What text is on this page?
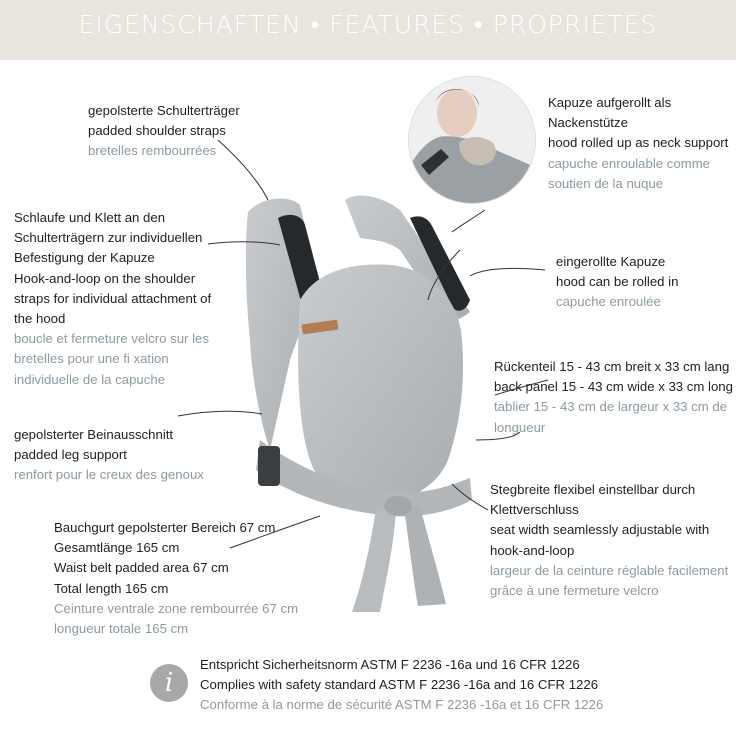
EIGENSCHAFTEN • FEATURES • PROPRIETES
gepolsterte Schulterträger
padded shoulder straps
bretelles rembourrées
Schlaufe und Klett an den
Schulterträgern zur individuellen
Befestigung der Kapuze
Hook-and-loop on the shoulder
straps for individual attachment of
the hood
boucle et fermeture velcro sur les
bretelles pour une fi xation
individuelle de la capuche
gepolsterter Beinausschnitt
padded leg support
renfort pour le creux des genoux
Bauchgurt gepolsterter Bereich 67 cm
Gesamtlänge 165 cm
Waist belt padded area 67 cm
Total length 165 cm
Ceinture ventrale zone rembourrée 67 cm
longueur totale 165 cm
Kapuze aufgerollt als
Nackenstütze
hood rolled up as neck support
capuche enroulable comme
soutien de la nuque
eingerollte Kapuze
hood can be rolled in
capuche enroulée
Rückenteil 15 - 43 cm breit x 33 cm lang
back panel 15 - 43 cm wide x 33 cm long
tablier 15 - 43 cm de largeur x 33 cm de
longueur
Stegbreite flexibel einstellbar durch
Klettverschluss
seat width seamlessly adjustable with
hook-and-loop
largeur de la ceinture réglable facilement
grâce à une fermeture velcro
i
Entspricht Sicherheitsnorm ASTM F 2236 -16a und 16 CFR 1226
Complies with safety standard ASTM F 2236 -16a and 16 CFR 1226
Conforme à la norme de sécurité ASTM F 2236 -16a et 16 CFR 1226
